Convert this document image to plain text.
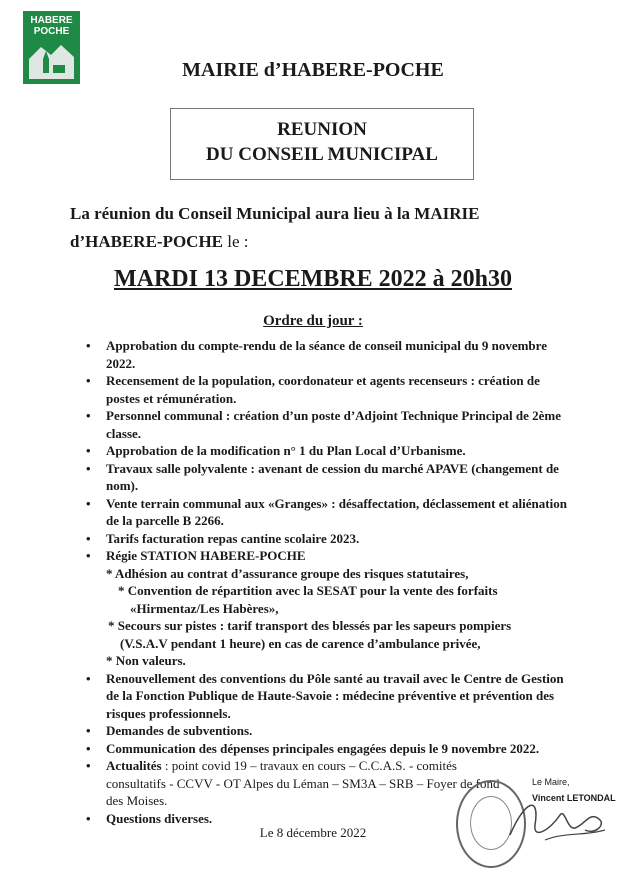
HABERE
POCHE
MAIRIE d’HABERE-POCHE
REUNION
DU CONSEIL MUNICIPAL
La réunion du Conseil Municipal aura lieu à la MAIRIE
d’HABERE-POCHE le :
MARDI 13 DECEMBRE 2022 à 20h30
Ordre du jour :
• Approbation du compte-rendu de la séance de conseil municipal du 9 novembre 2022.
• Recensement de la population, coordonateur et agents recenseurs : création de postes et rémunération.
• Personnel communal : création d’un poste d’Adjoint Technique Principal de 2ème classe.
• Approbation de la modification n° 1 du Plan Local d’Urbanisme.
• Travaux salle polyvalente : avenant de cession du marché APAVE (changement de nom).
• Vente terrain communal aux «Granges» : désaffectation, déclassement et aliénation de la parcelle B 2266.
• Tarifs facturation repas cantine scolaire 2023.
• Régie STATION HABERE-POCHE
* Adhésion au contrat d’assurance groupe des risques statutaires,
* Convention de répartition avec la SESAT pour la vente des forfaits
«Hirmentaz/Les Habères»,
* Secours sur pistes : tarif transport des blessés par les sapeurs pompiers
(V.S.A.V pendant 1 heure) en cas de carence d’ambulance privée,
* Non valeurs.
• Renouvellement des conventions du Pôle santé au travail avec le Centre de Gestion de la Fonction Publique de Haute-Savoie : médecine préventive et prévention des risques professionnels.
• Demandes de subventions.
• Communication des dépenses principales engagées depuis le 9 novembre 2022.
• Actualités : point covid 19 – travaux en cours – C.C.A.S. - comités consultatifs - CCVV - OT Alpes du Léman – SM3A – SRB – Foyer de fond des Moises.
• Questions diverses.
Le Maire,
Vincent LETONDAL
Le 8 décembre 2022
